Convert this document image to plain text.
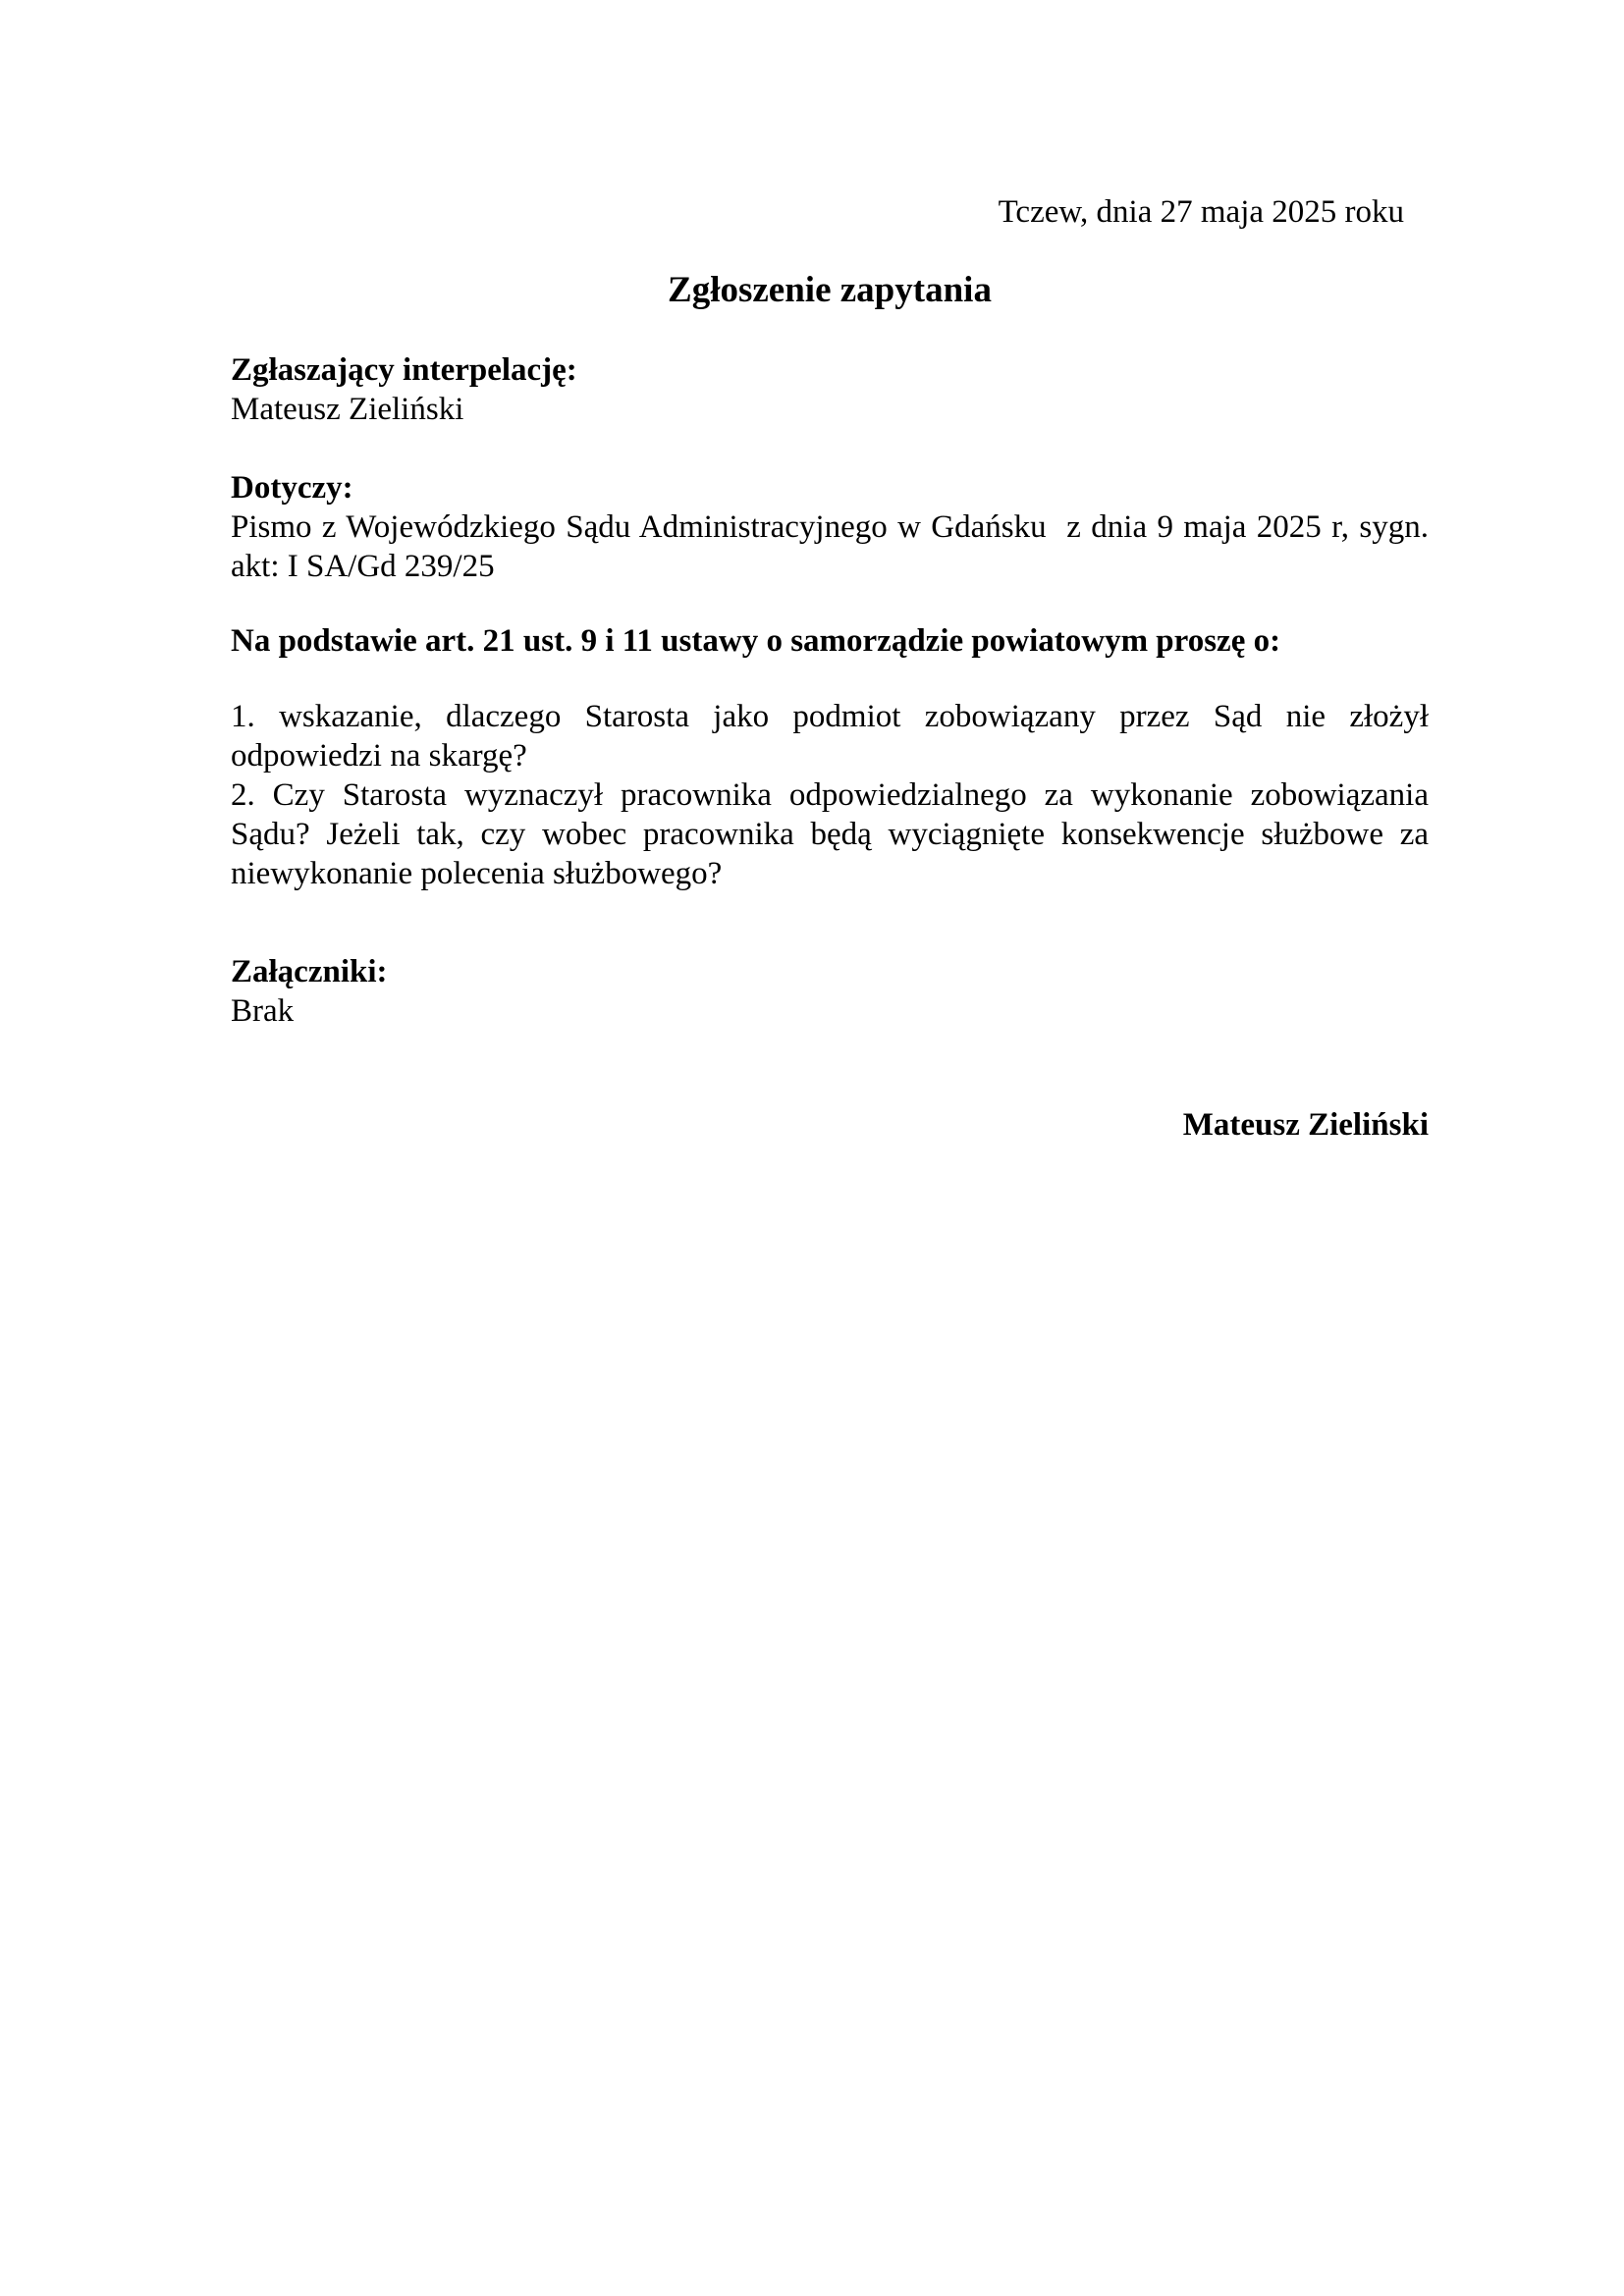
Tczew, dnia 27 maja 2025 roku

Zgłoszenie zapytania

Zgłaszający interpelację:

Mateusz Zieliński

Dotyczy:

Pismo z Wojewódzkiego Sądu Administracyjnego w Gdańsku  z dnia 9 maja 2025 r, sygn. akt: I SA/Gd 239/25

Na podstawie art. 21 ust. 9 i 11 ustawy o samorządzie powiatowym proszę o:

1. wskazanie, dlaczego Starosta jako podmiot zobowiązany przez Sąd nie złożył odpowiedzi na skargę?

2. Czy Starosta wyznaczył pracownika odpowiedzialnego za wykonanie zobowiązania Sądu? Jeżeli tak, czy wobec pracownika będą wyciągnięte konsekwencje służbowe za niewykonanie polecenia służbowego?

Załączniki:

Brak

Mateusz Zieliński
